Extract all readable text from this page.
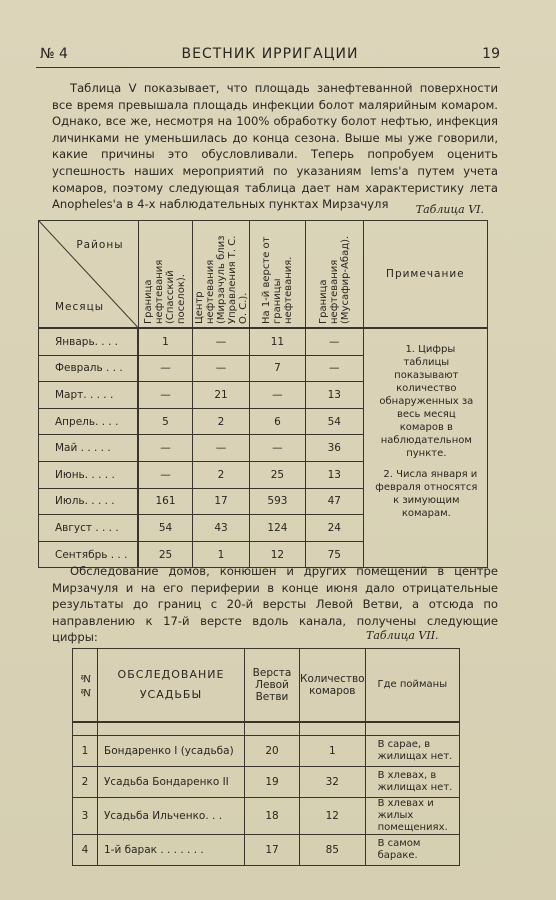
№ 4	ВЕСТНИК ИРРИГАЦИИ	19
Таблица V показывает, что площадь занефтеванной поверхности все время превышала площадь инфекции болот малярийным комаром. Однако, все же, несмотря на 100% обработку болот нефтью, инфекция личинками не уменьшилась до конца сезона. Выше мы уже говорили, какие причины это обусловливали. Теперь попробуем оценить успешность наших мероприятий по указаниям Iems'a путем учета комаров, поэтому следующая таблица дает нам характеристику лета Anopheles'a в 4-х наблюдательных пунктах Мирзачуля	Таблица VI.
Районы
Месяцы	Граница нефтевания (Спасский поселок).	Центр нефтевания (Мирзачуль близ Управления Т. С. О. С.).	На 1-й версте от границы нефтевания.	Граница нефтевания (Мусафир-Абад).	Примечание
Январь. . . .	1	—	11	—	1. Цифры таблицы показывают количество обнаруженных за весь месяц комаров в наблюдательном пункте.

2. Числа января и февраля относятся к зимующим комарам.

Февраль . . .	—	—	7	—	
Март. . . . .	—	21	—	13	
Апрель. . . .	5	2	6	54	
Май . . . . .	—	—	—	36	
Июнь. . . . .	—	2	25	13	
Июль. . . . .	161	17	593	47	
Август . . . .	54	43	124	24	
Сентябрь . . .	25	1	12	75	
Обследование домов, конюшен и других помещений в центре Мирзачуля и на его периферии в конце июня дало отрицательные результаты до границ с 20-й версты Левой Ветви, а отсюда по направлению к 17-й версте вдоль канала, получены следующие цифры:	Таблица VII.
№ №	ОБСЛЕДОВАНИЕ
УСАДЬБЫ	Верста Левой Ветви	Количество комаров	Где пойманы

1	Бондаренко I (усадьба)	20	1	В сарае, в жилищах нет.
2	Усадьба Бондаренко II	19	32	В хлевах, в жилищах нет.
3	Усадьба Ильченко. . .	18	12	В хлевах и жилых помещениях.
4	1-й барак . . . . . . .	17	85	В самом бараке.
